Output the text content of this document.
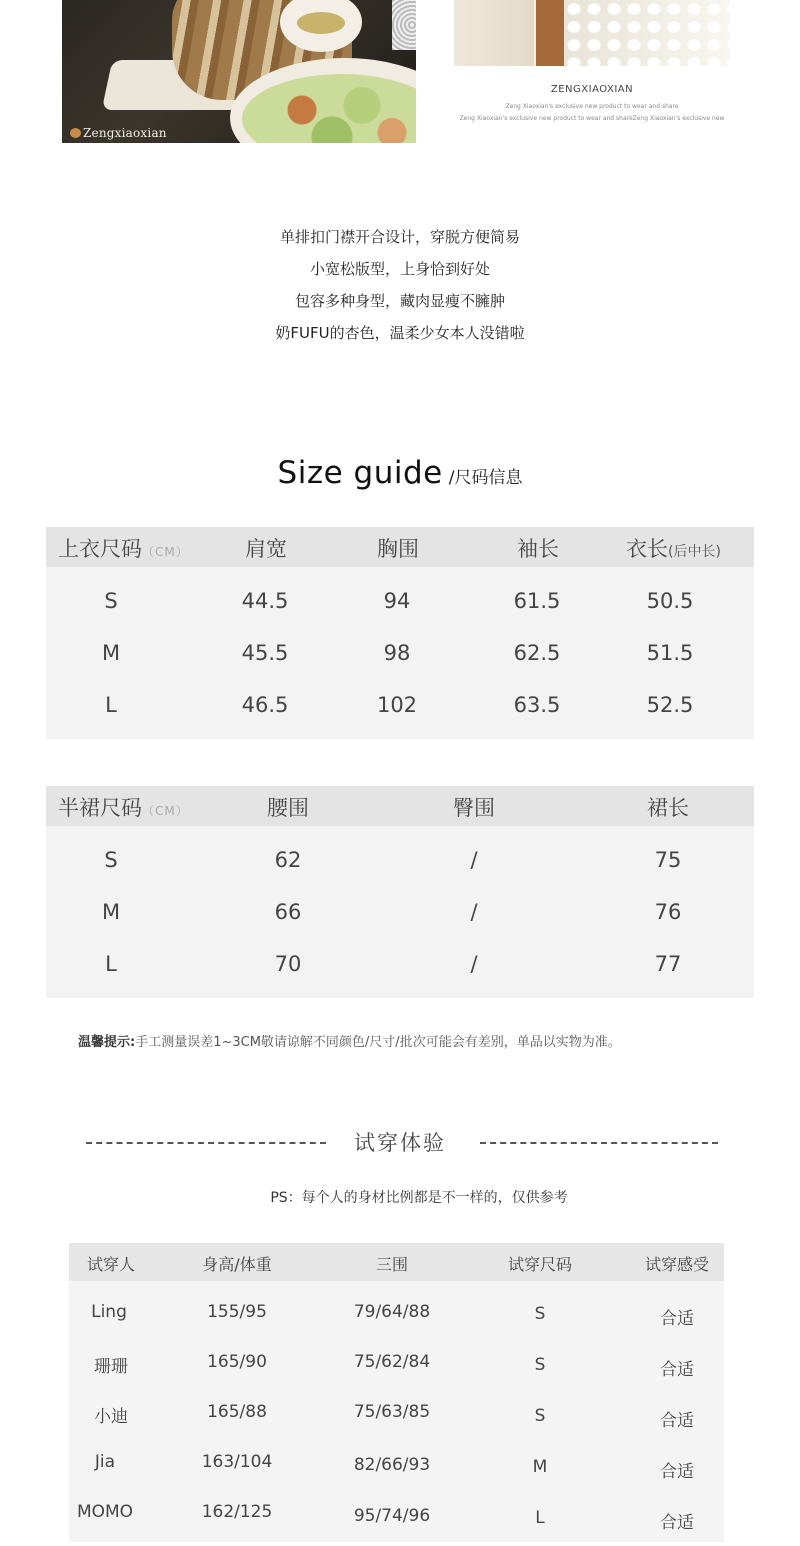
Zengxiaoxian
ZENGXIAOXIAN
Zeng Xiaoxian's exclusive new product to wear and share
Zeng Xiaoxian's exclusive new product to wear and shareZeng Xiaoxian's exclusive new
单排扣门襟开合设计，穿脱方便简易
小宽松版型，上身恰到好处
包容多种身型，藏肉显瘦不臃肿
奶FUFU的杏色，温柔少女本人没错啦
Size guide /尺码信息
上衣尺码（CM）	肩宽	胸围	袖长	衣长(后中长)
S	44.5	94	61.5	50.5
M	45.5	98	62.5	51.5
L	46.5	102	63.5	52.5
半裙尺码（CM）	腰围	臀围	裙长
S	62	/	75
M	66	/	76
L	70	/	77
温馨提示:手工测量误差1~3CM敬请谅解不同颜色/尺寸/批次可能会有差别，单品以实物为准。
试穿体验
PS：每个人的身材比例都是不一样的，仅供参考
试穿人	身高/体重	三围	试穿尺码	试穿感受
Ling	155/95	79/64/88	S	合适
珊珊	165/90	75/62/84	S	合适
小迪	165/88	75/63/85	S	合适
Jia	163/104	82/66/93	M	合适
MOMO	162/125	95/74/96	L	合适
